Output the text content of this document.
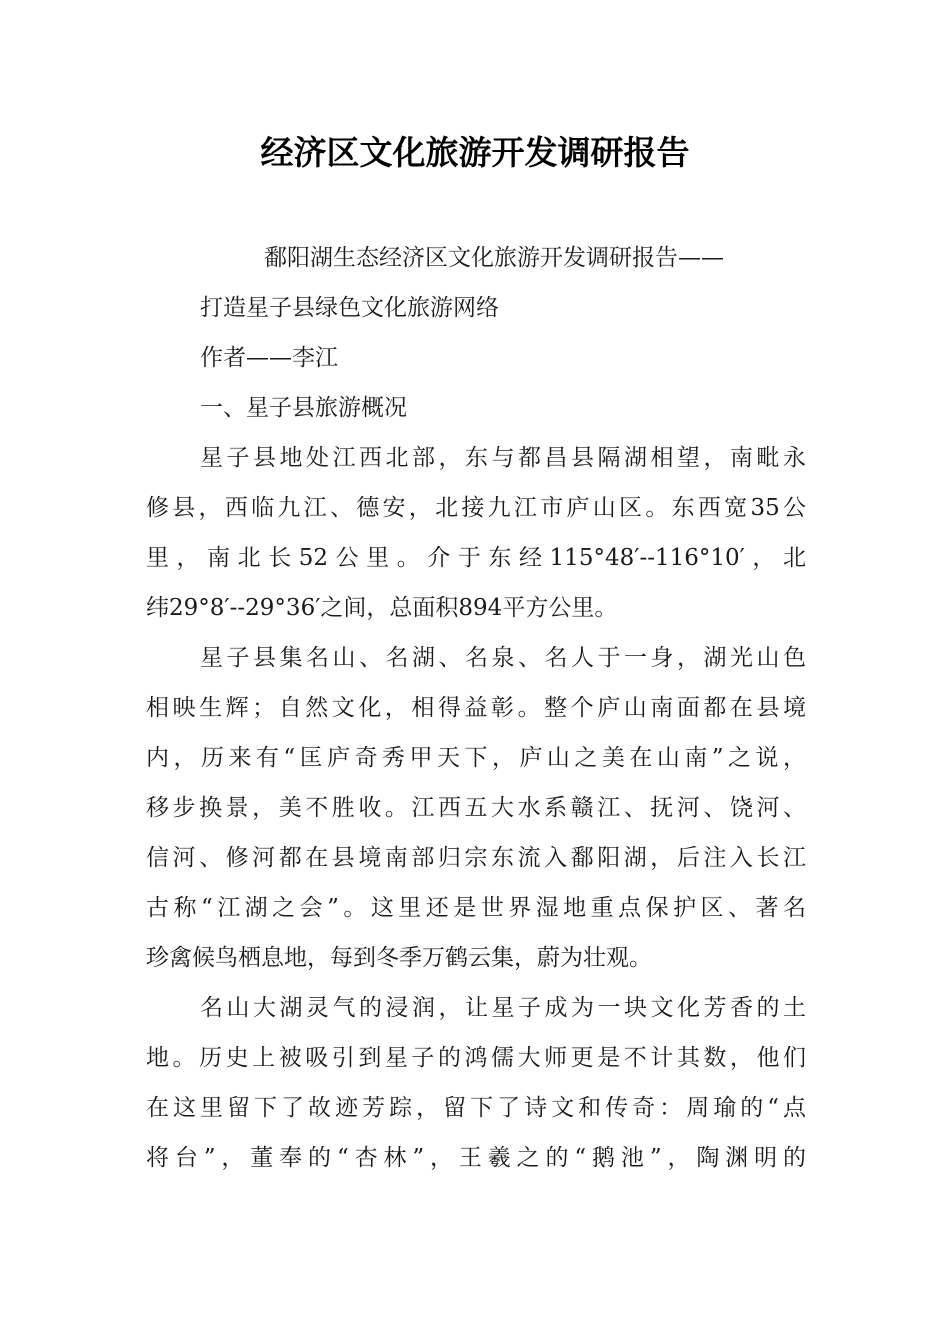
经济区文化旅游开发调研报告
鄱阳湖生态经济区文化旅游开发调研报告——
打造星子县绿色文化旅游网络
作者——李江
一、星子县旅游概况
星子县地处江西北部，东与都昌县隔湖相望，南毗永
修县，西临九江、德安，北接九江市庐山区。东西宽35公
里，南北长52公里。介于东经115°48′--116°10′，北
纬29°8′--29°36′之间，总面积894平方公里。
星子县集名山、名湖、名泉、名人于一身，湖光山色
相映生辉；自然文化，相得益彰。整个庐山南面都在县境
内，历来有“匡庐奇秀甲天下，庐山之美在山南”之说，
移步换景，美不胜收。江西五大水系赣江、抚河、饶河、
信河、修河都在县境南部归宗东流入鄱阳湖，后注入长江
古称“江湖之会”。这里还是世界湿地重点保护区、著名
珍禽候鸟栖息地，每到冬季万鹤云集，蔚为壮观。
名山大湖灵气的浸润，让星子成为一块文化芳香的土
地。历史上被吸引到星子的鸿儒大师更是不计其数，他们
在这里留下了故迹芳踪，留下了诗文和传奇：周瑜的“点
将台”，董奉的“杏林”，王羲之的“鹅池”，陶渊明的
